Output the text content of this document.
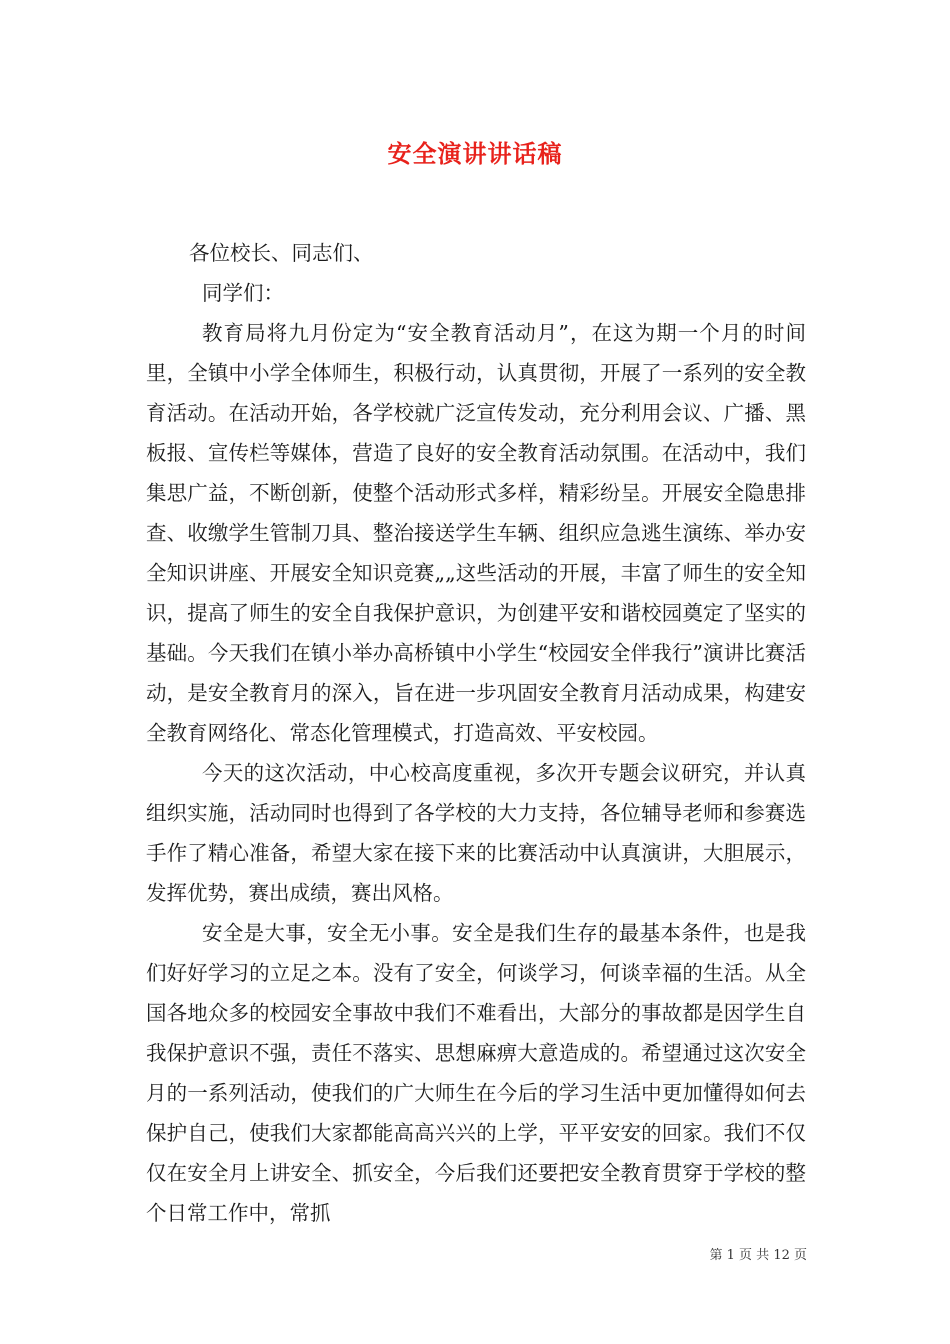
安全演讲讲话稿

各位校长、同志们、

同学们：

教育局将九月份定为“安全教育活动月”，在这为期一个月的时间里，全镇中小学全体师生，积极行动，认真贯彻，开展了一系列的安全教育活动。在活动开始，各学校就广泛宣传发动，充分利用会议、广播、黑板报、宣传栏等媒体，营造了良好的安全教育活动氛围。在活动中，我们集思广益，不断创新，使整个活动形式多样，精彩纷呈。开展安全隐患排查、收缴学生管制刀具、整治接送学生车辆、组织应急逃生演练、举办安全知识讲座、开展安全知识竞赛„„这些活动的开展，丰富了师生的安全知识，提高了师生的安全自我保护意识，为创建平安和谐校园奠定了坚实的基础。今天我们在镇小举办高桥镇中小学生“校园安全伴我行”演讲比赛活动，是安全教育月的深入，旨在进一步巩固安全教育月活动成果，构建安全教育网络化、常态化管理模式，打造高效、平安校园。

今天的这次活动，中心校高度重视，多次开专题会议研究，并认真组织实施，活动同时也得到了各学校的大力支持，各位辅导老师和参赛选手作了精心准备，希望大家在接下来的比赛活动中认真演讲，大胆展示，发挥优势，赛出成绩，赛出风格。

安全是大事，安全无小事。安全是我们生存的最基本条件，也是我们好好学习的立足之本。没有了安全，何谈学习，何谈幸福的生活。从全国各地众多的校园安全事故中我们不难看出，大部分的事故都是因学生自我保护意识不强，责任不落实、思想麻痹大意造成的。希望通过这次安全月的一系列活动，使我们的广大师生在今后的学习生活中更加懂得如何去保护自己，使我们大家都能高高兴兴的上学，平平安安的回家。我们不仅仅在安全月上讲安全、抓安全，今后我们还要把安全教育贯穿于学校的整个日常工作中，常抓

第 1 页 共 12 页
